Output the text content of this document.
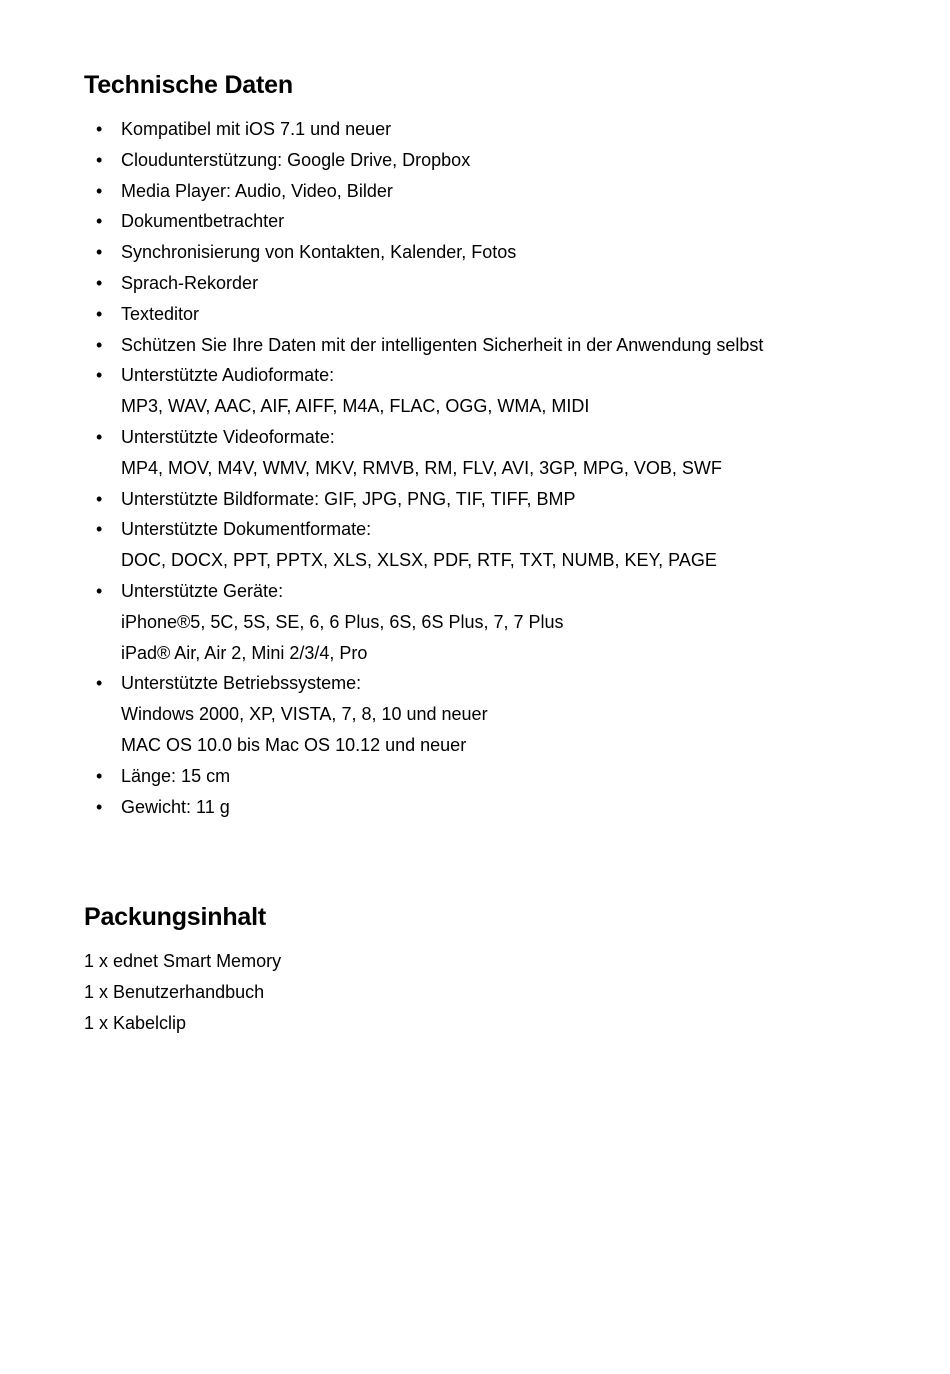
Technische Daten
• Kompatibel mit iOS 7.1 und neuer
• Cloudunterstützung: Google Drive, Dropbox
• Media Player: Audio, Video, Bilder
• Dokumentbetrachter
• Synchronisierung von Kontakten, Kalender, Fotos
• Sprach-Rekorder
• Texteditor
• Schützen Sie Ihre Daten mit der intelligenten Sicherheit in der Anwendung selbst
• Unterstützte Audioformate:
MP3, WAV, AAC, AIF, AIFF, M4A, FLAC, OGG, WMA, MIDI
• Unterstützte Videoformate:
MP4, MOV, M4V, WMV, MKV, RMVB, RM, FLV, AVI, 3GP, MPG, VOB, SWF
• Unterstützte Bildformate: GIF, JPG, PNG, TIF, TIFF, BMP
• Unterstützte Dokumentformate:
DOC, DOCX, PPT, PPTX, XLS, XLSX, PDF, RTF, TXT, NUMB, KEY, PAGE
• Unterstützte Geräte:
iPhone®5, 5C, 5S, SE, 6, 6 Plus, 6S, 6S Plus, 7, 7 Plus
iPad® Air, Air 2, Mini 2/3/4, Pro
• Unterstützte Betriebssysteme:
Windows 2000, XP, VISTA, 7, 8, 10 und neuer
MAC OS 10.0 bis Mac OS 10.12 und neuer
• Länge: 15 cm
• Gewicht: 11 g
Packungsinhalt
1 x ednet Smart Memory
1 x Benutzerhandbuch
1 x Kabelclip
